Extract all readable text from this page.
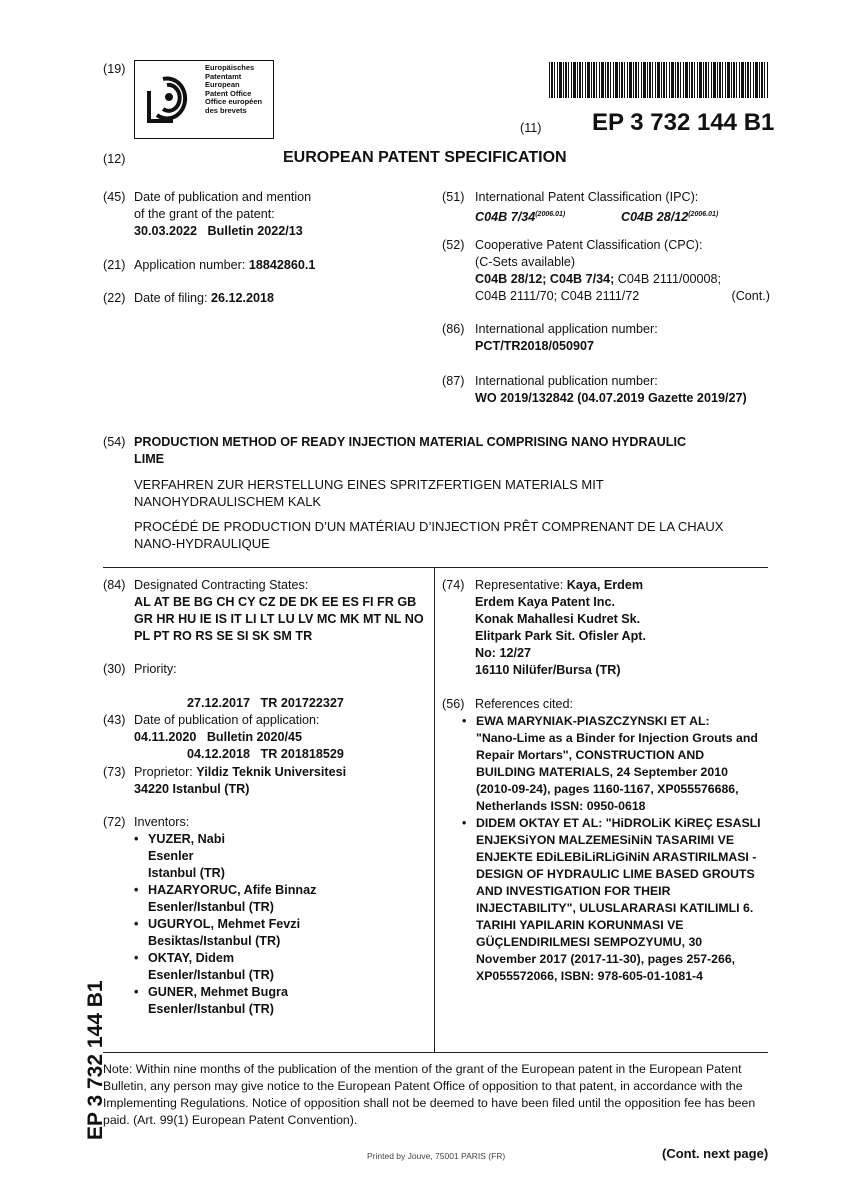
(19)	Europäisches
Patentamt
European
Patent Office
Office européen
des brevets
(11) EP 3 732 144 B1
(12)	EUROPEAN PATENT SPECIFICATION
(45) Date of publication and mention
of the grant of the patent:
30.03.2022   Bulletin 2022/13
(21) Application number: 18842860.1
(22) Date of filing: 26.12.2018
(51) International Patent Classification (IPC):
C04B $7/34^{(2006.01)}$	C04B $28/12^{(2006.01)}$
(52) Cooperative Patent Classification (CPC):
(C-Sets available)
C04B 28/12; C04B 7/34; C04B 2111/00008;
C04B 2111/70; C04B 2111/72	(Cont.)
(86) International application number:
PCT/TR2018/050907
(87) International publication number:
WO 2019/132842 (04.07.2019 Gazette 2019/27)
(54) PRODUCTION METHOD OF READY INJECTION MATERIAL COMPRISING NANO HYDRAULIC
LIME
VERFAHREN ZUR HERSTELLUNG EINES SPRITZFERTIGEN MATERIALS MIT
NANOHYDRAULISCHEM KALK
PROCÉDÉ DE PRODUCTION D’UN MATÉRIAU D’INJECTION PRÊT COMPRENANT DE LA CHAUX
NANO-HYDRAULIQUE
(84) Designated Contracting States:
AL AT BE BG CH CY CZ DE DK EE ES FI FR GB
GR HR HU IE IS IT LI LT LU LV MC MK MT NL NO
PL PT RO RS SE SI SK SM TR
(30) Priority:

27.12.2017   TR 201722327

04.12.2018   TR 201818529

(43) Date of publication of application:
04.11.2020   Bulletin 2020/45
(73) Proprietor: Yildiz Teknik Universitesi
34220 Istanbul (TR)
(72) Inventors:
• YUZER, Nabi
Esenler
Istanbul (TR)
• HAZARYORUC, Afife Binnaz
Esenler/Istanbul (TR)
• UGURYOL, Mehmet Fevzi
Besiktas/Istanbul (TR)
• OKTAY, Didem
Esenler/Istanbul (TR)
• GUNER, Mehmet Bugra
Esenler/Istanbul (TR)
(74) Representative: Kaya, Erdem
Erdem Kaya Patent Inc.
Konak Mahallesi Kudret Sk.
Elitpark Park Sit. Ofisler Apt.
No: 12/27
16110 Nilüfer/Bursa (TR)
(56) References cited:
• EWA MARYNIAK-PIASZCZYNSKI ET AL:
"Nano-Lime as a Binder for Injection Grouts and
Repair Mortars", CONSTRUCTION AND
BUILDING MATERIALS, 24 September 2010
(2010-09-24), pages 1160-1167, XP055576686,
Netherlands ISSN: 0950-0618
• DIDEM OKTAY ET AL: "HiDROLiK KiREÇ ESASLI
ENJEKSiYON MALZEMESiNiN TASARIMI VE
ENJEKTE EDiLEBiLiRLiGiNiN ARASTIRILMASI -
DESIGN OF HYDRAULIC LIME BASED GROUTS
AND INVESTIGATION FOR THEIR
INJECTABILITY", ULUSLARARASI KATILIMLI 6.
TARIHI YAPILARIN KORUNMASI VE
GÜÇLENDIRILMESI SEMPOZYUMU, 30
November 2017 (2017-11-30), pages 257-266,
XP055572066, ISBN: 978-605-01-1081-4
Note: Within nine months of the publication of the mention of the grant of the European patent in the European Patent
Bulletin, any person may give notice to the European Patent Office of opposition to that patent, in accordance with the
Implementing Regulations. Notice of opposition shall not be deemed to have been filed until the opposition fee has been
paid. (Art. 99(1) European Patent Convention).
Printed by Jouve, 75001 PARIS (FR)	(Cont. next page)
EP 3 732 144 B1
